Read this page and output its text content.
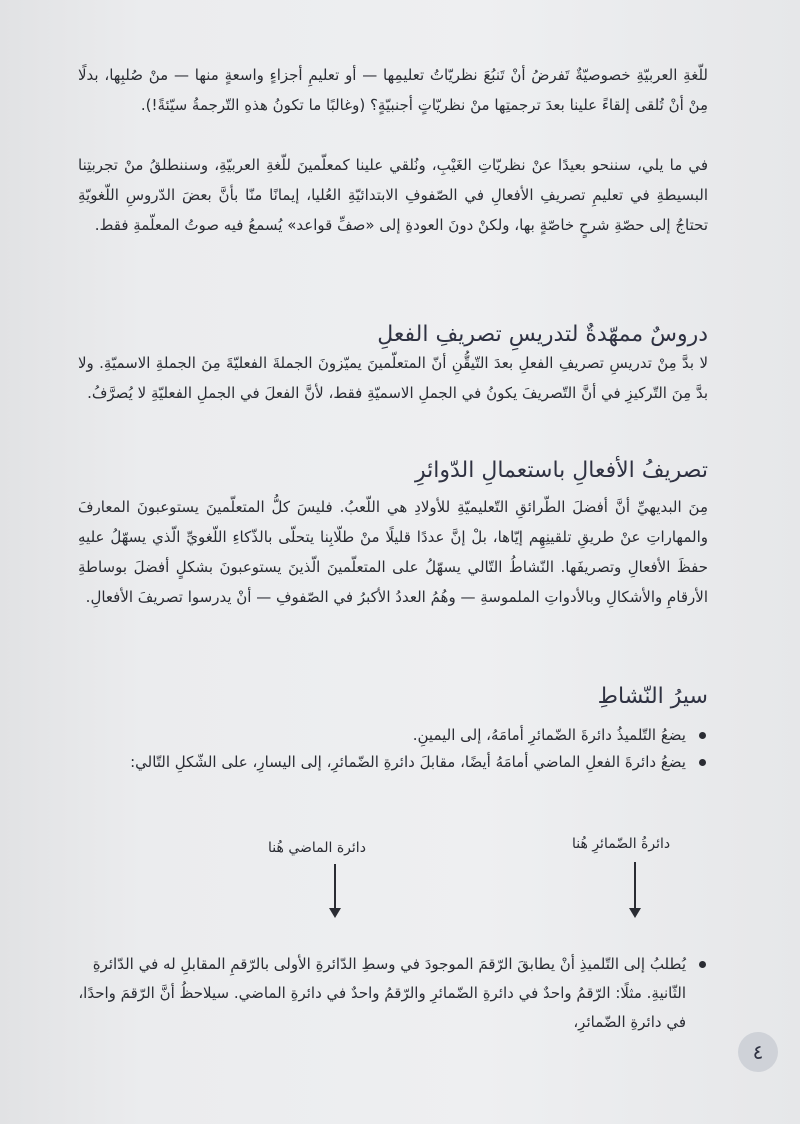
للّغةِ العربيّةِ خصوصيّةٌ تَفرضُ أنْ تَنبُعَ نظريّاتُ تعليمِها — أو تعليمِ أجزاءٍ واسعةٍ منها — منْ صُلبِها، بدلًا مِنْ أنْ تُلقى إلقاءً علينا بعدَ ترجمتِها منْ نظريّاتٍ أجنبيّةٍ؟ (وغالبًا ما تكونُ هذهِ التّرجمةُ سيّئةً!).

في ما يلي، سننحو بعيدًا عنْ نظريّاتِ الغَيْبِ، ونُلقي علينا كمعلّمينَ للّغةِ العربيّةِ، وسننطلقُ منْ تجربتِنا البسيطةِ في تعليمِ تصريفِ الأفعالِ في الصّفوفِ الابتدائيّةِ العُليا، إيمانًا منّا بأنَّ بعضَ الدّروسِ اللّغويّةِ تحتاجُ إلى حصّةِ شرحٍ خاصّةٍ بها، ولكنْ دونَ العودةِ إلى «صفِّ قواعد» يُسمعُ فيه صوتُ المعلّمةِ فقط.

دروسٌ ممهّدةٌ لتدريسِ تصريفِ الفعلِ

لا بدَّ مِنْ تدريسِ تصريفِ الفعلِ بعدَ التّيقُّنِ أنّ المتعلّمينَ يميّزونَ الجملةَ الفعليّةَ مِنَ الجملةِ الاسميّةِ. ولا بدَّ مِنَ التّركيزِ في أنَّ التّصريفَ يكونُ في الجملِ الاسميّةِ فقط، لأنَّ الفعلَ في الجملِ الفعليّةِ لا يُصرَّفُ.

تصريفُ الأفعالِ باستعمالِ الدّوائرِ

مِنَ البديهيِّ أنَّ أفضلَ الطّرائقِ التّعليميّةِ للأولادِ هي اللّعبُ. فليسَ كلُّ المتعلّمينَ يستوعبونَ المعارفَ والمهاراتِ عنْ طريقِ تلقينِهِم إيّاها، بلْ إنَّ عددًا قليلًا منْ طلّابِنا يتحلّى بالذّكاءِ اللّغويِّ الّذي يسهّلُ عليهِ حفظَ الأفعالِ وتصريفَها. النّشاطُ التّالي يسهّلُ على المتعلّمينَ الّذينَ يستوعبونَ بشكلٍ أفضلَ بوساطةِ الأرقامِ والأشكالِ وبالأدواتِ الملموسةِ — وهُمُ العددُ الأكبرُ في الصّفوفِ — أنْ يدرسوا تصريفَ الأفعالِ.

سيرُ النّشاطِ
يضعُ التّلميذُ دائرةَ الضّمائرِ أمامَهُ، إلى اليمينِ.
يضعُ دائرةَ الفعلِ الماضي أمامَهُ أيضًا، مقابلَ دائرةِ الضّمائرِ، إلى اليسارِ، على الشّكلِ التّالي:
دائرة الماضي هُنا	دائرةُ الضّمائرِ هُنا
يُطلبُ إلى التّلميذِ أنْ يطابقَ الرّقمَ الموجودَ في وسطِ الدّائرةِ الأولى بالرّقمِ المقابلِ له في الدّائرةِ الثّانيةِ. مثلًا: الرّقمُ واحدٌ في دائرةِ الضّمائرِ والرّقمُ واحدٌ في دائرةِ الماضي. سيلاحظُ أنَّ الرّقمَ واحدًا، في دائرةِ الضّمائرِ،
٤
